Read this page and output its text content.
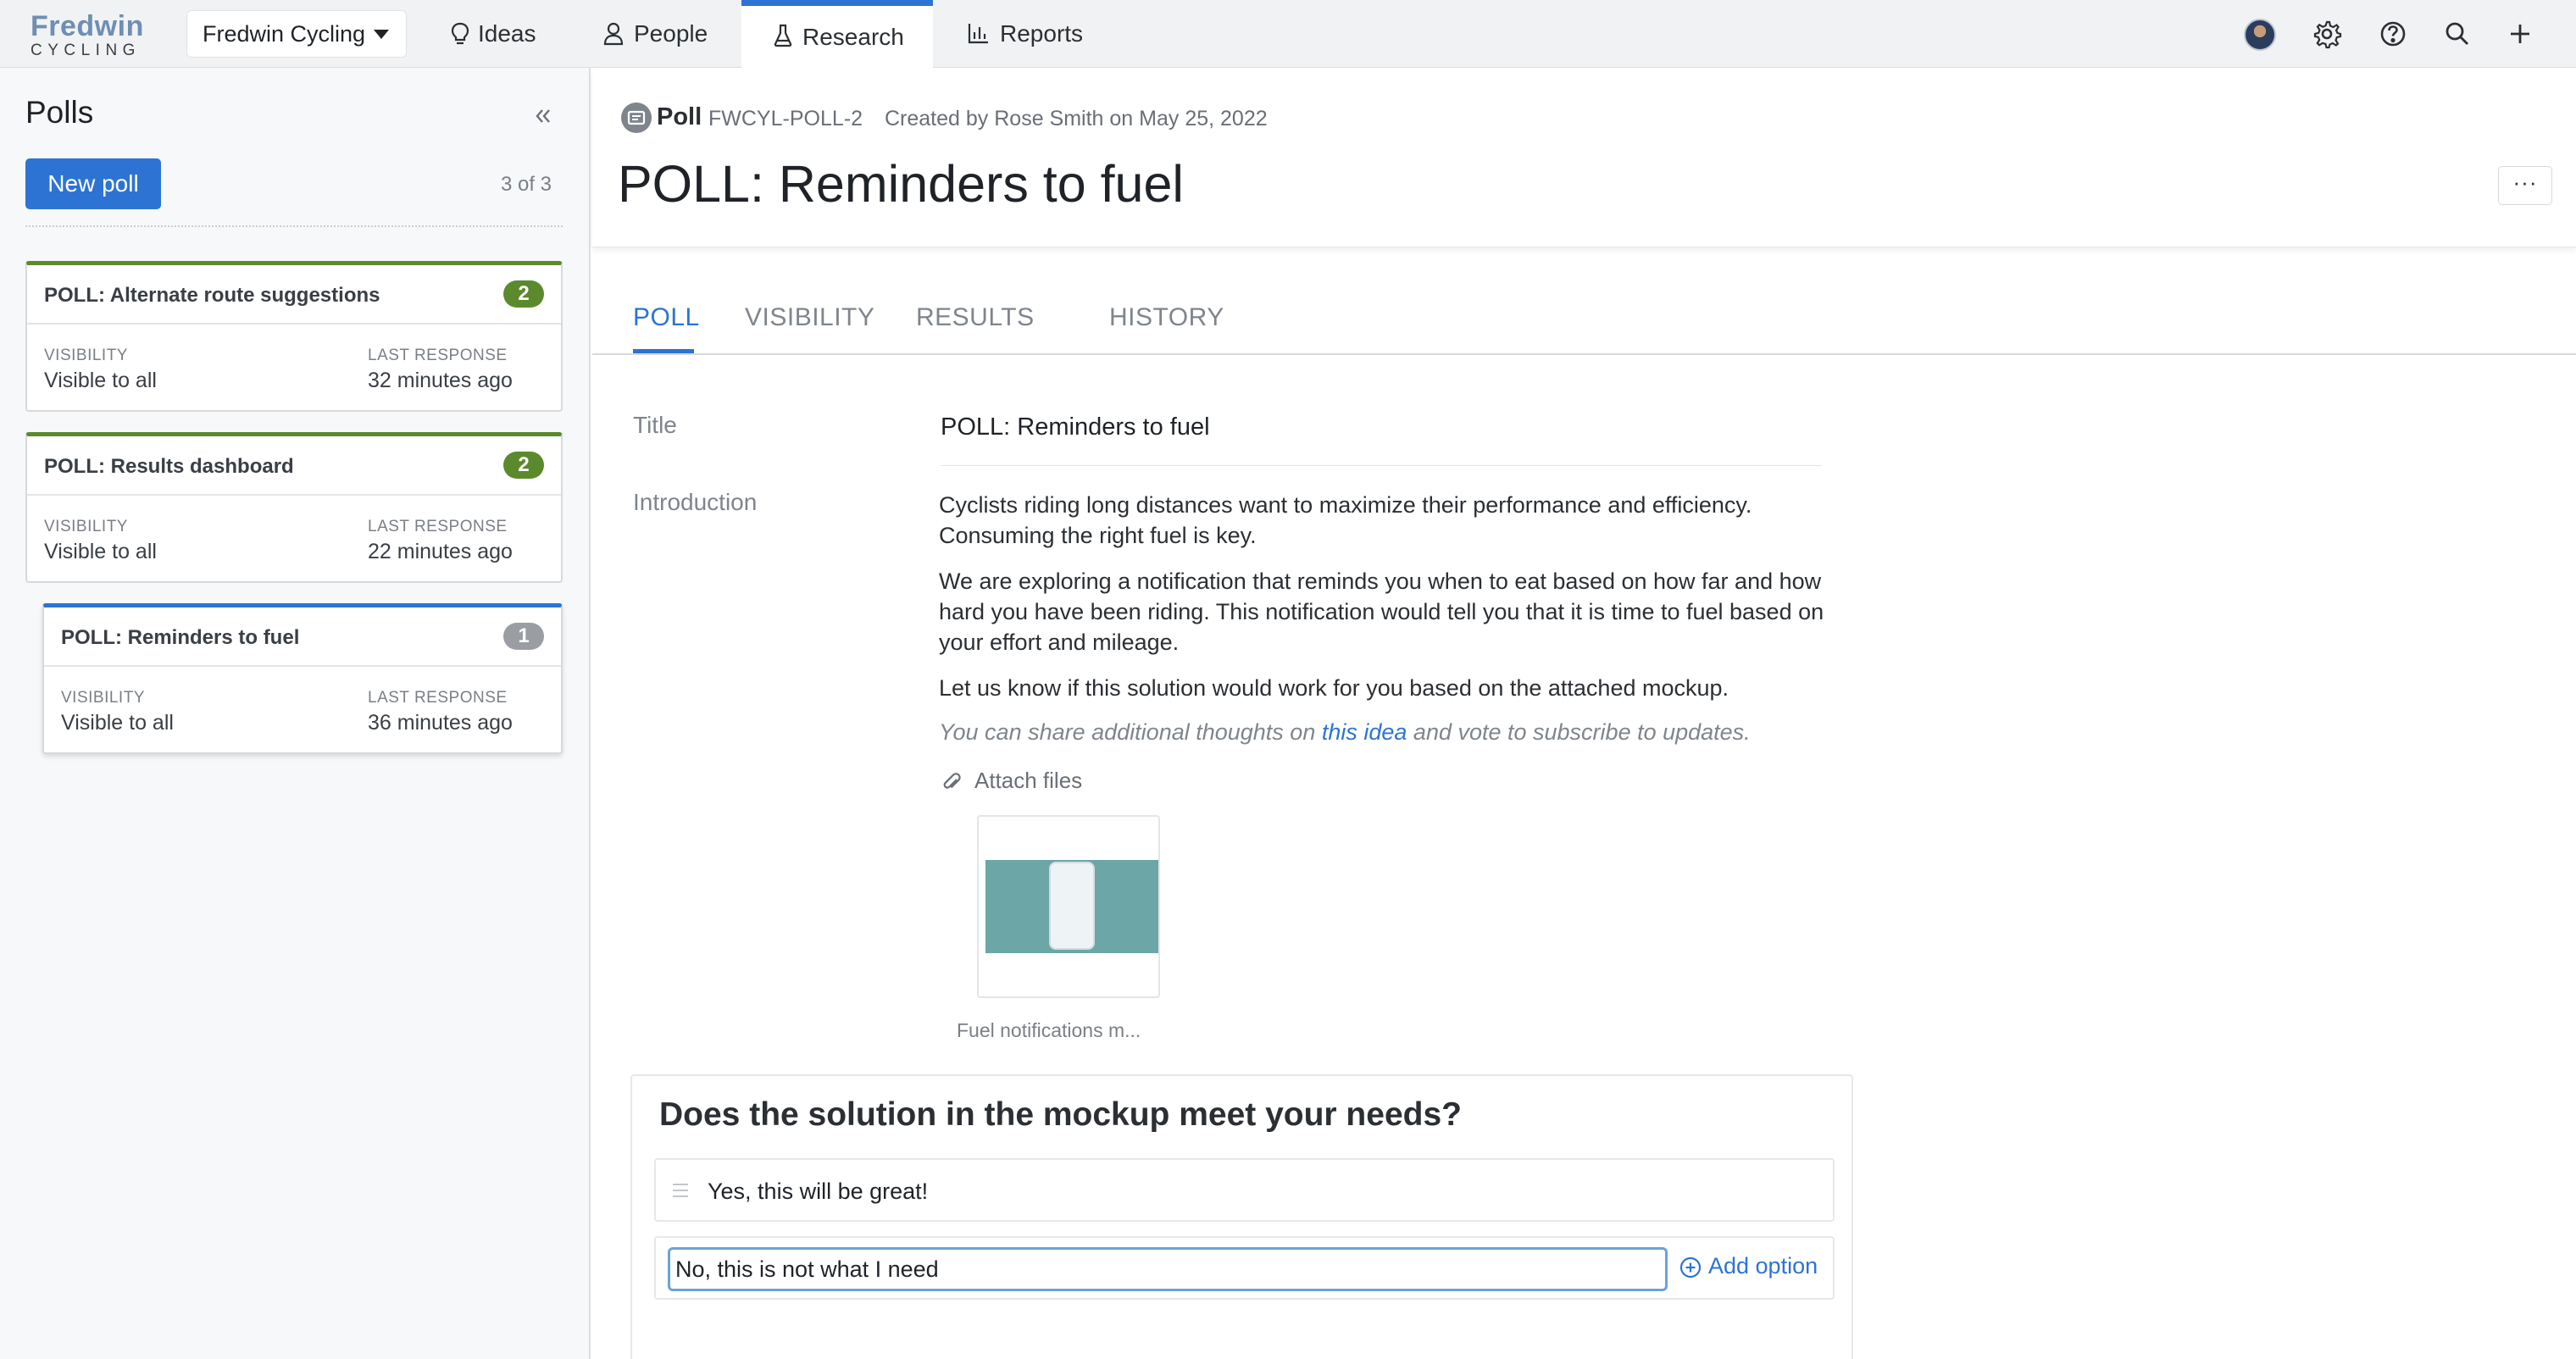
Fredwin
CYCLING
Fredwin Cycling	Ideas	People	Research	Reports
Polls
New poll	3 of 3
POLL: Alternate route suggestions	2
VISIBILITY
Visible to all
LAST RESPONSE
32 minutes ago
POLL: Results dashboard	2
VISIBILITY
Visible to all
LAST RESPONSE
22 minutes ago
POLL: Reminders to fuel	1
VISIBILITY
Visible to all
LAST RESPONSE
36 minutes ago
Poll FWCYL-POLL-2 Created by Rose Smith on May 25, 2022
POLL: Reminders to fuel	···
POLL VISIBILITY RESULTS	HISTORY
Title	POLL: Reminders to fuel
Introduction	Cyclists riding long distances want to maximize their performance and efficiency. Consuming the right fuel is key.

We are exploring a notification that reminds you when to eat based on how far and how hard you have been riding. This notification would tell you that it is time to fuel based on your effort and mileage.

Let us know if this solution would work for you based on the attached mockup.

You can share additional thoughts on this idea and vote to subscribe to updates.
Attach files
Fuel notifications m...
Does the solution in the mockup meet your needs?
Yes, this will be great!
No, this is not what I need
Add option
